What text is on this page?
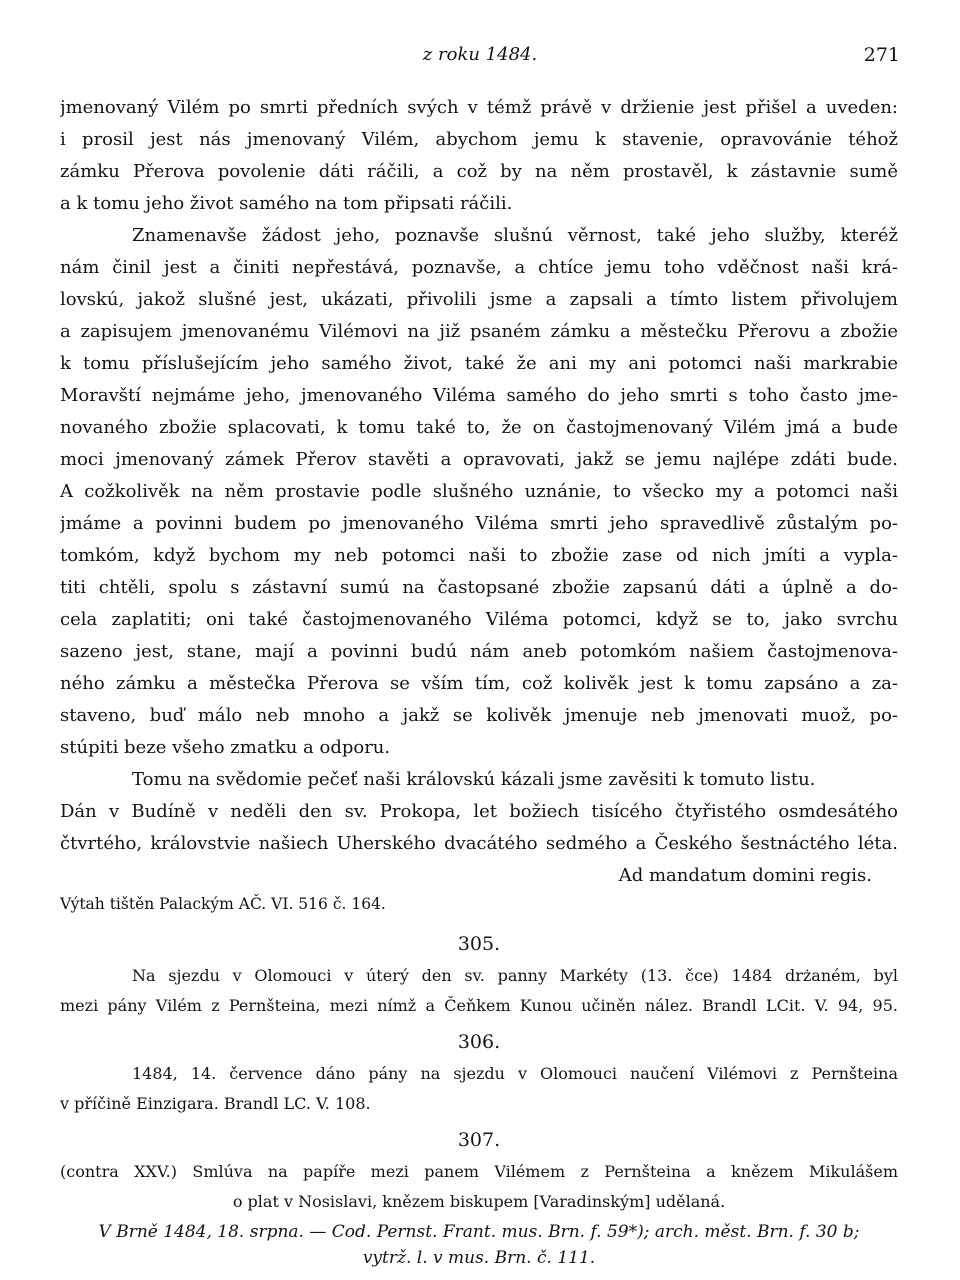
z roku 1484.	271
jmenovaný Vilém po smrti předních svých v témž právě v držienie jest přišel a uveden:
i prosil jest nás jmenovaný Vilém, abychom jemu k stavenie, opravovánie téhož
zámku Přerova povolenie dáti ráčili, a což by na něm prostavěl, k zástavnie sumě
a k tomu jeho život samého na tom připsati ráčili.
Znamenavše žádost jeho, poznavše slušnú věrnost, také jeho služby, kteréž
nám činil jest a činiti nepřestává, poznavše, a chtíce jemu toho vděčnost naši krá-
lovskú, jakož slušné jest, ukázati, přivolili jsme a zapsali a tímto listem přivolujem
a zapisujem jmenovanému Vilémovi na již psaném zámku a městečku Přerovu a zbožie
k tomu příslušejícím jeho samého život, také že ani my ani potomci naši markrabie
Moravští nejmáme jeho, jmenovaného Viléma samého do jeho smrti s toho často jme-
novaného zbožie splacovati, k tomu také to, že on častojmenovaný Vilém jmá a bude
moci jmenovaný zámek Přerov stavěti a opravovati, jakž se jemu najlépe zdáti bude.
A cožkolivěk na něm prostavie podle slušného uznánie, to všecko my a potomci naši
jmáme a povinni budem po jmenovaného Viléma smrti jeho spravedlivě zůstalým po-
tomkóm, když bychom my neb potomci naši to zbožie zase od nich jmíti a vypla-
titi chtěli, spolu s zástavní sumú na častopsané zbožie zapsanú dáti a úplně a do-
cela zaplatiti; oni také častojmenovaného Viléma potomci, když se to, jako svrchu
sazeno jest, stane, mají a povinni budú nám aneb potomkóm našiem častojmenova-
ného zámku a městečka Přerova se vším tím, což kolivěk jest k tomu zapsáno a za-
staveno, buď málo neb mnoho a jakž se kolivěk jmenuje neb jmenovati muož, po-
stúpiti beze všeho zmatku a odporu.
Tomu na svědomie pečeť naši královskú kázali jsme zavěsiti k tomuto listu.
Dán v Budíně v neděli den sv. Prokopa, let božiech tisícého čtyřistého osmdesátého
čtvrtého, královstvie našiech Uherského dvacátého sedmého a Českého šestnáctého léta.
Ad mandatum domini regis.
Výtah tištěn Palackým AČ. VI. 516 č. 164.
305.
Na sjezdu v Olomouci v úterý den sv. panny Markéty (13. čce) 1484 drżaném, byl
mezi pány Vilém z Pernšteina, mezi nímž a Čeňkem Kunou učiněn nález. Brandl LCit. V. 94, 95.
306.
1484, 14. července dáno pány na sjezdu v Olomouci naučení Vilémovi z Pernšteina
v příčině Einzigara. Brandl LC. V. 108.
307.
(contra XXV.) Smlúva na papíře mezi panem Vilémem z Pernšteina a knězem Mikulášem
o plat v Nosislavi, knězem biskupem [Varadinským] udělaná.
V Brně 1484, 18. srpna. — Cod. Pernst. Frant. mus. Brn. f. 59*); arch. měst. Brn. f. 30 b;
vytrž. l. v mus. Brn. č. 111.
